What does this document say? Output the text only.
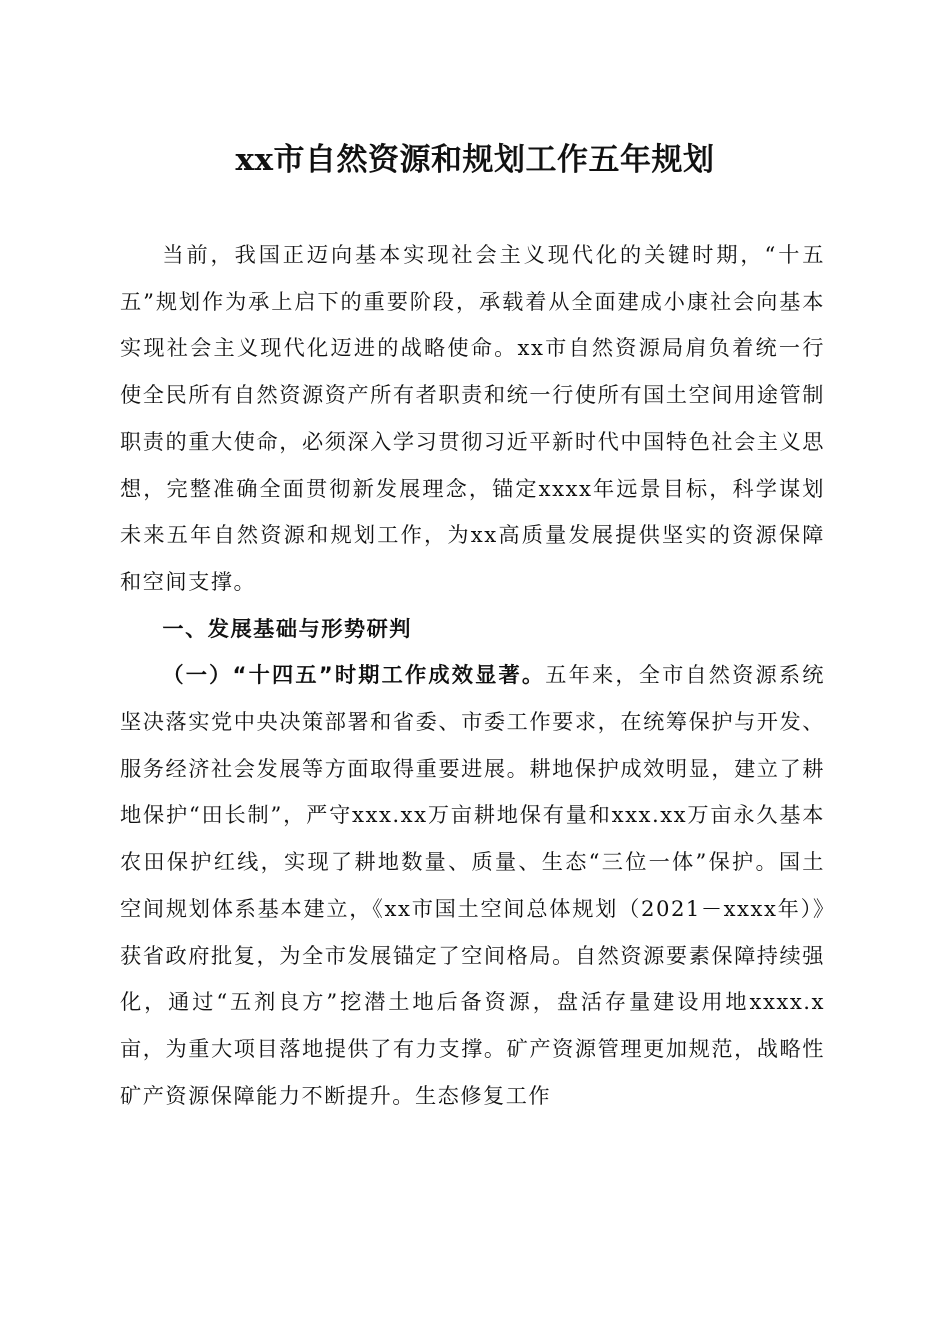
xx市自然资源和规划工作五年规划

当前，我国正迈向基本实现社会主义现代化的关键时期，“十五五”规划作为承上启下的重要阶段，承载着从全面建成小康社会向基本实现社会主义现代化迈进的战略使命。xx市自然资源局肩负着统一行使全民所有自然资源资产所有者职责和统一行使所有国土空间用途管制职责的重大使命，必须深入学习贯彻习近平新时代中国特色社会主义思想，完整准确全面贯彻新发展理念，锚定xxxx年远景目标，科学谋划未来五年自然资源和规划工作，为xx高质量发展提供坚实的资源保障和空间支撑。

一、发展基础与形势研判

（一）“十四五”时期工作成效显著。五年来，全市自然资源系统坚决落实党中央决策部署和省委、市委工作要求，在统筹保护与开发、服务经济社会发展等方面取得重要进展。耕地保护成效明显，建立了耕地保护“田长制”，严守xxx.xx万亩耕地保有量和xxx.xx万亩永久基本农田保护红线，实现了耕地数量、质量、生态“三位一体”保护。国土空间规划体系基本建立，《xx市国土空间总体规划（2021－xxxx年）》获省政府批复，为全市发展锚定了空间格局。自然资源要素保障持续强化，通过“五剂良方”挖潜土地后备资源，盘活存量建设用地xxxx.x亩，为重大项目落地提供了有力支撑。矿产资源管理更加规范，战略性矿产资源保障能力不断提升。生态修复工作
